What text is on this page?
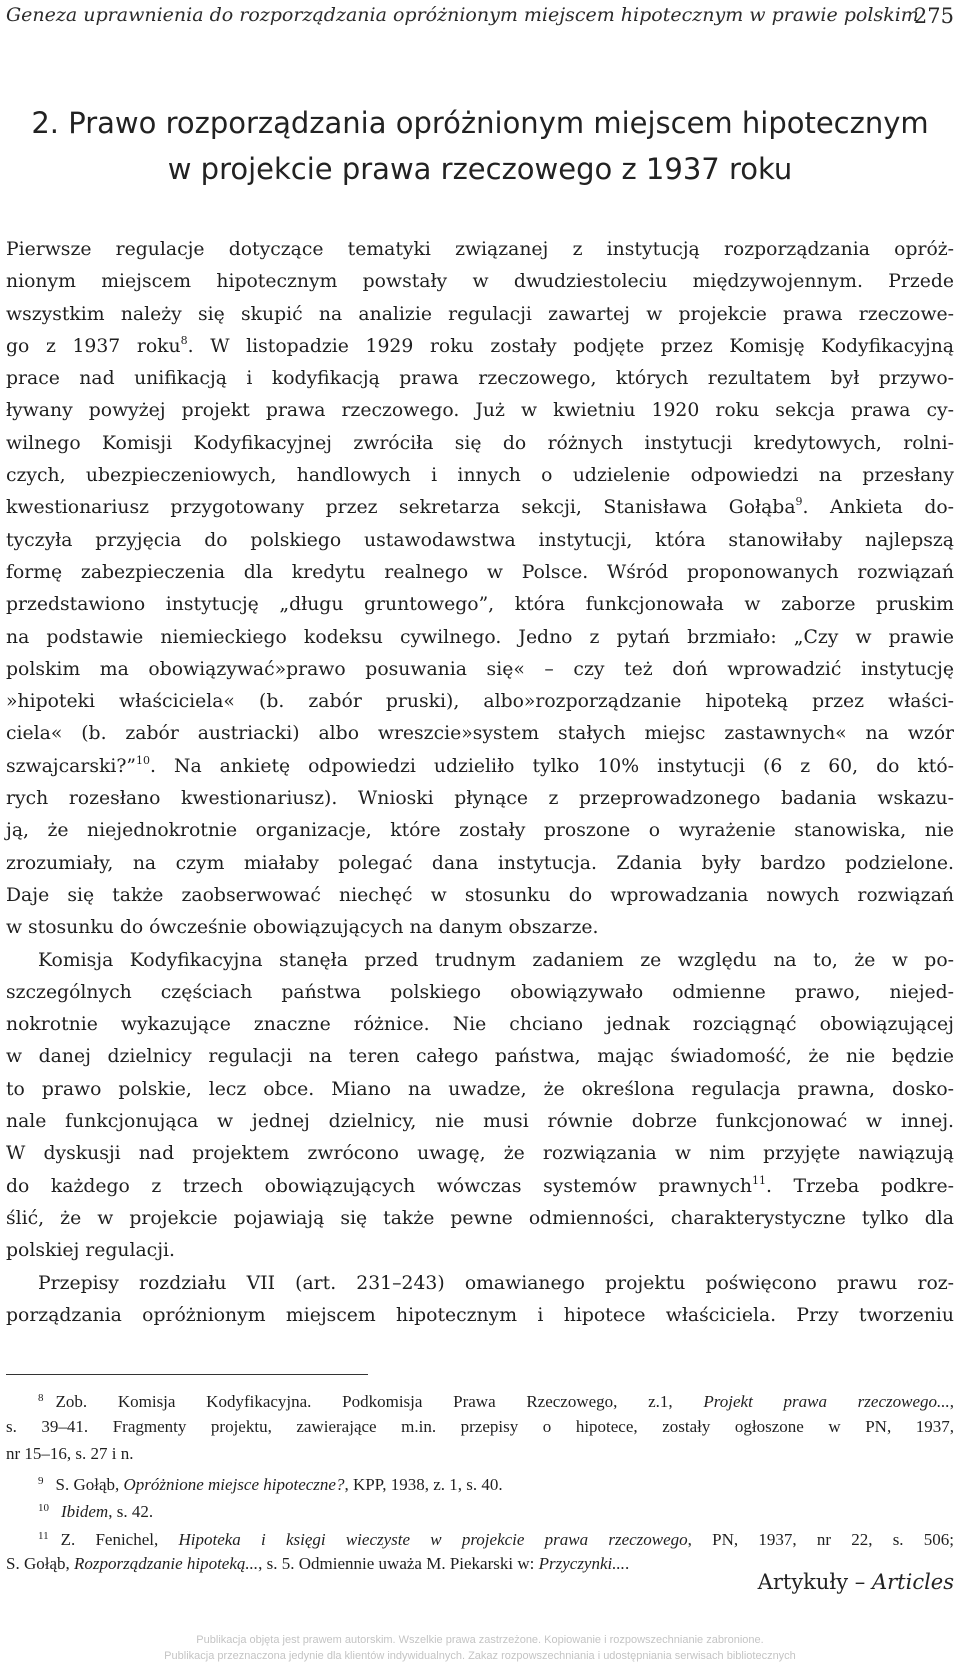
Geneza uprawnienia do rozporządzania opróżnionym miejscem hipotecznym w prawie polskim
275
2. Prawo rozporządzania opróżnionym miejscem hipotecznym
w projekcie prawa rzeczowego z 1937 roku
Pierwsze regulacje dotyczące tematyki związanej z instytucją rozporządzania opróż-
nionym miejscem hipotecznym powstały w dwudziestoleciu międzywojennym. Przede
wszystkim należy się skupić na analizie regulacji zawartej w projekcie prawa rzeczowe-
go z 1937 roku$^8$. W listopadzie 1929 roku zostały podjęte przez Komisję Kodyfikacyjną
prace nad unifikacją i kodyfikacją prawa rzeczowego, których rezultatem był przywo-
ływany powyżej projekt prawa rzeczowego. Już w kwietniu 1920 roku sekcja prawa cy-
wilnego Komisji Kodyfikacyjnej zwróciła się do różnych instytucji kredytowych, rolni-
czych, ubezpieczeniowych, handlowych i innych o udzielenie odpowiedzi na przesłany
kwestionariusz przygotowany przez sekretarza sekcji, Stanisława Gołąba$^9$. Ankieta do-
tyczyła przyjęcia do polskiego ustawodawstwa instytucji, która stanowiłaby najlepszą
formę zabezpieczenia dla kredytu realnego w Polsce. Wśród proponowanych rozwiązań
przedstawiono instytucję „długu gruntowego”, która funkcjonowała w zaborze pruskim
na podstawie niemieckiego kodeksu cywilnego. Jedno z pytań brzmiało: „Czy w prawie
polskim ma obowiązywać»prawo posuwania się« – czy też doń wprowadzić instytucję
»hipoteki właściciela« (b. zabór pruski), albo»rozporządzanie hipoteką przez właści-
ciela« (b. zabór austriacki) albo wreszcie»system stałych miejsc zastawnych« na wzór
szwajcarski?”$^{10}$. Na ankietę odpowiedzi udzieliło tylko 10% instytucji (6 z 60, do któ-
rych rozesłano kwestionariusz). Wnioski płynące z przeprowadzonego badania wskazu-
ją, że niejednokrotnie organizacje, które zostały proszone o wyrażenie stanowiska, nie
zrozumiały, na czym miałaby polegać dana instytucja. Zdania były bardzo podzielone.
Daje się także zaobserwować niechęć w stosunku do wprowadzania nowych rozwiązań
w stosunku do ówcześnie obowiązujących na danym obszarze.
Komisja Kodyfikacyjna stanęła przed trudnym zadaniem ze względu na to, że w po-
szczególnych częściach państwa polskiego obowiązywało odmienne prawo, niejed-
nokrotnie wykazujące znaczne różnice. Nie chciano jednak rozciągnąć obowiązującej
w danej dzielnicy regulacji na teren całego państwa, mając świadomość, że nie będzie
to prawo polskie, lecz obce. Miano na uwadze, że określona regulacja prawna, dosko-
nale funkcjonująca w jednej dzielnicy, nie musi równie dobrze funkcjonować w innej.
W dyskusji nad projektem zwrócono uwagę, że rozwiązania w nim przyjęte nawiązują
do każdego z trzech obowiązujących wówczas systemów prawnych$^{11}$. Trzeba podkre-
ślić, że w projekcie pojawiają się także pewne odmienności, charakterystyczne tylko dla
polskiej regulacji.
Przepisy rozdziału VII (art. 231–243) omawianego projektu poświęcono prawu roz-
porządzania opróżnionym miejscem hipotecznym i hipotece właściciela. Przy tworzeniu
$^8$ Zob. Komisja Kodyfikacyjna. Podkomisja Prawa Rzeczowego, z.1, Projekt prawa rzeczowego...,
s. 39–41. Fragmenty projektu, zawierające m.in. przepisy o hipotece, zostały ogłoszone w PN, 1937,
nr 15–16, s. 27 i n.
$^9$ S. Gołąb, Opróżnione miejsce hipoteczne?, KPP, 1938, z. 1, s. 40.
$^{10}$ Ibidem, s. 42.
$^{11}$ Z. Fenichel, Hipoteka i księgi wieczyste w projekcie prawa rzeczowego, PN, 1937, nr 22, s. 506;
S. Gołąb, Rozporządzanie hipoteką..., s. 5. Odmiennie uważa M. Piekarski w: Przyczynki....
Artykuły – Articles
Publikacja objęta jest prawem autorskim. Wszelkie prawa zastrzeżone. Kopiowanie i rozpowszechnianie zabronione.
Publikacja przeznaczona jedynie dla klientów indywidualnych. Zakaz rozpowszechniania i udostępniania serwisach bibliotecznych
